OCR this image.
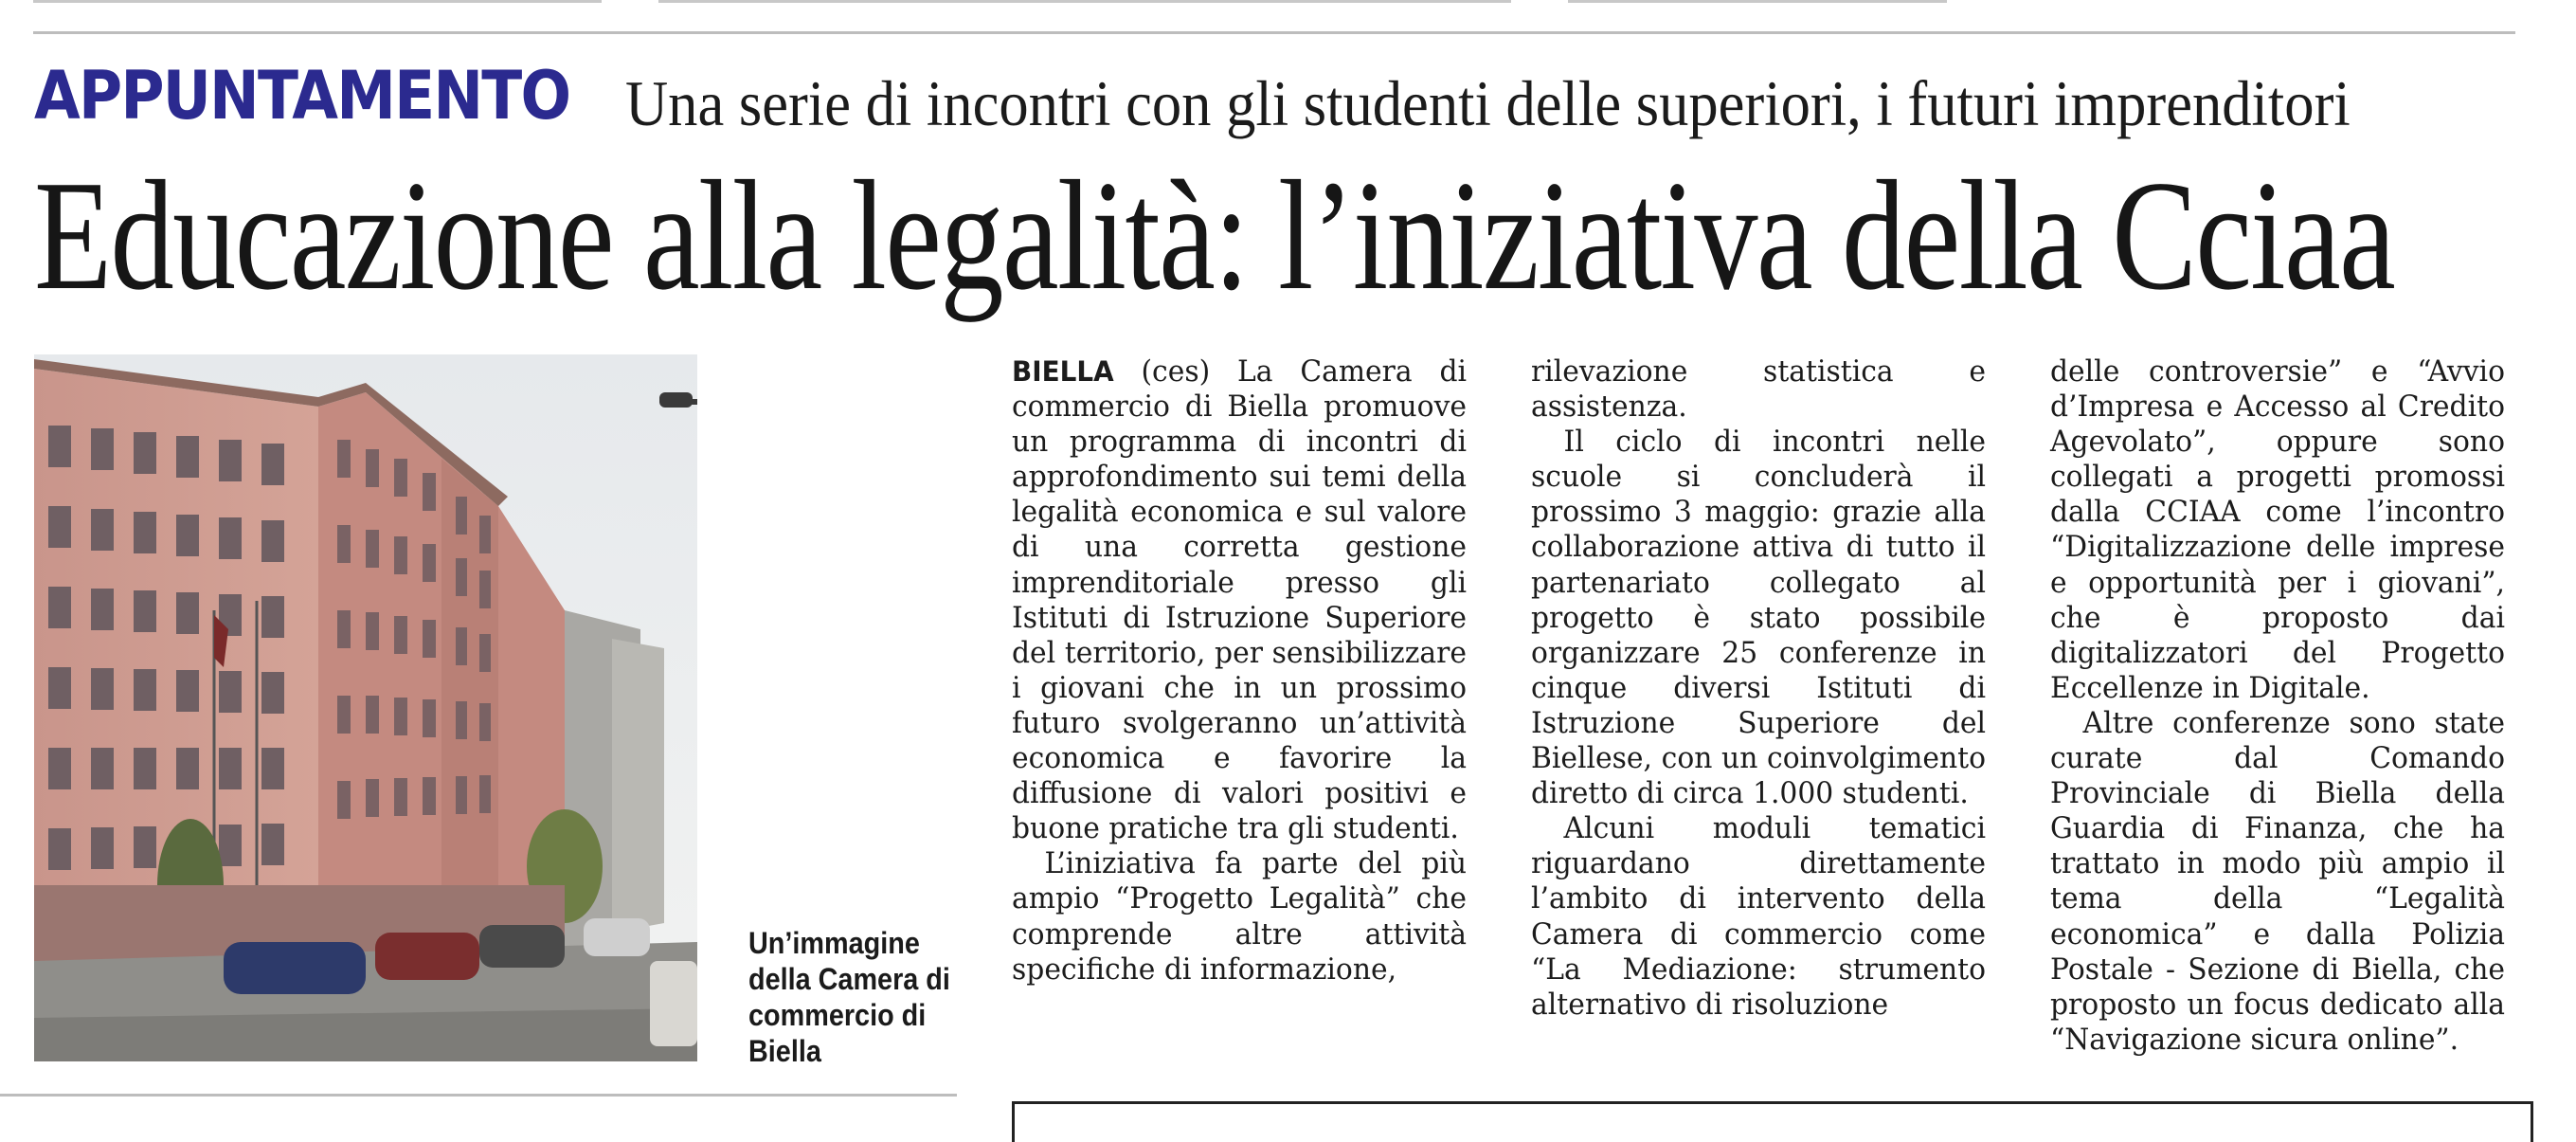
APPUNTAMENTO Una serie di incontri con gli studenti delle superiori, i futuri imprenditori
Educazione alla legalità: l’iniziativa della Cciaa
Un’immagine della Camera di commercio di Biella

BIELLA (ces) La Camera di commercio di Biella promuove un programma di incontri di approfondimento sui temi della legalità economica e sul valore di una corretta gestione imprenditoriale presso gli Istituti di Istruzione Superiore del territorio, per sensibilizzare i giovani che in un prossimo futuro svolgeranno un’attività economica e favorire la diffusione di valori positivi e buone pratiche tra gli studenti.

L’iniziativa fa parte del più ampio “Progetto Legalità” che comprende altre attività specifiche di informazione,

rilevazione statistica e assistenza.

Il ciclo di incontri nelle scuole si concluderà il prossimo 3 maggio: grazie alla collaborazione attiva di tutto il partenariato collegato al progetto è stato possibile organizzare 25 conferenze in cinque diversi Istituti di Istruzione Superiore del Biellese, con un coinvolgimento diretto di circa 1.000 studenti.

Alcuni moduli tematici riguardano direttamente l’ambito di intervento della Camera di commercio come “La Mediazione: strumento alternativo di risoluzione

delle controversie” e “Avvio d’Impresa e Accesso al Credito Agevolato”, oppure sono collegati a progetti promossi dalla CCIAA come l’incontro “Digitalizzazione delle imprese e opportunità per i giovani”, che è proposto dai digitalizzatori del Progetto Eccellenze in Digitale.

Altre conferenze sono state curate dal Comando Provinciale di Biella della Guardia di Finanza, che ha trattato in modo più ampio il tema della “Legalità economica” e dalla Polizia Postale - Sezione di Biella, che proposto un focus dedicato alla “Navigazione sicura online”.
